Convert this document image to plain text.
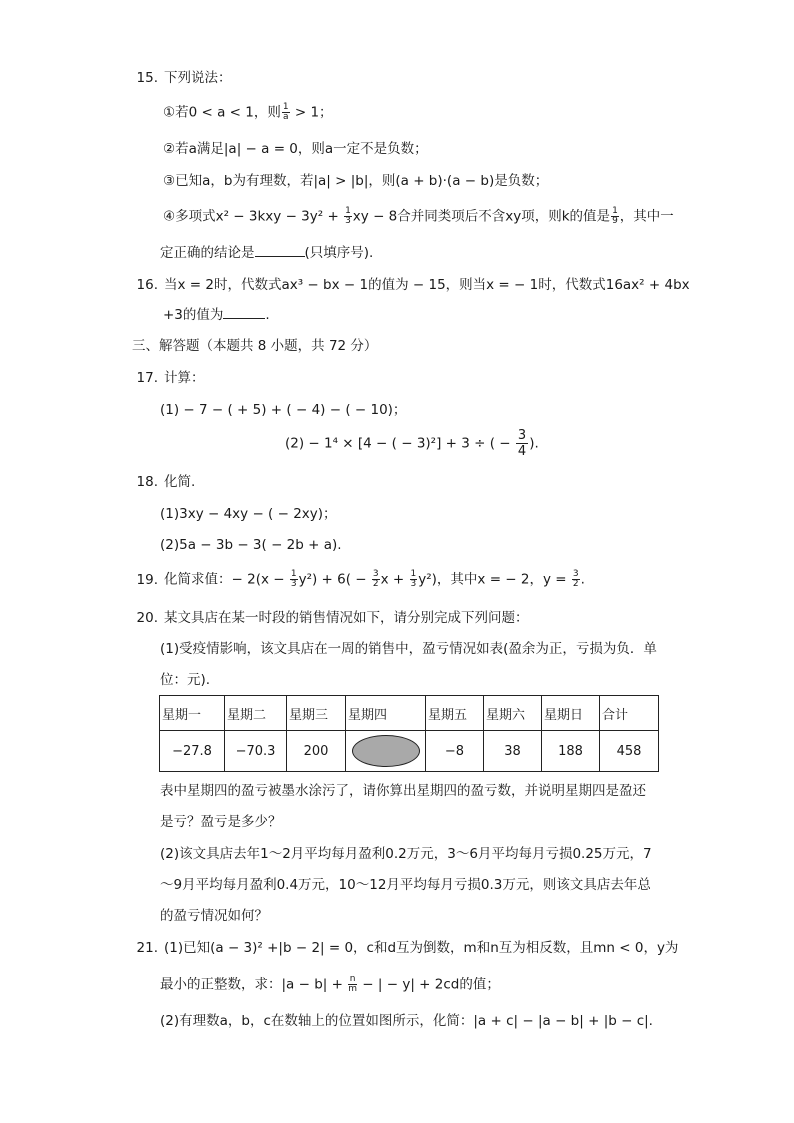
15. 下列说法：
①若0 < a < 1，则 $\frac{1}{a} > 1$；
②若a满足|a| − a = 0，则a一定不是负数；
③已知a，b为有理数，若|a| > |b|，则(a + b)·(a − b)是负数；
④多项式$x^2 - 3kxy - 3y^2 + \frac{1}{3}$ xy − 8合并同类项后不含xy项，则k的值是 $\frac{1}{9}$ ，其中一
定正确的结论是	(只填序号).
16. 当x = 2时，代数式ax³ − bx − 1的值为 − 15，则当x = − 1时，代数式16ax² + 4bx
+3的值为	.
三、解答题（本题共 8 小题，共 72 分）
17. 计算：
(1) − 7 − ( + 5) + ( − 4) − ( − 10)；
(2) − 1⁴ × [4 − ( − 3)²] + 3 ÷ ( − $\frac{3}{4}$ ).
18. 化简.
(1)3xy − 4xy − ( − 2xy)；
(2)5a − 3b − 3( − 2b + a).
19. 化简求值：− $2(x - \frac{1}{3} y^2) + 6( - \frac{3}{2}$ $x + \frac{1}{3} y^2$)，其中x = − 2，$y = \frac{3}{2}$ .
20. 某文具店在某一时段的销售情况如下，请分别完成下列问题：
(1)受疫情影响，该文具店在一周的销售中，盈亏情况如表(盈余为正，亏损为负．单
位：元).
星期一	星期二	星期三	星期四	星期五	星期六	星期日	合计
−27.8	−70.3	200		−8	38	188	458
表中星期四的盈亏被墨水涂污了，请你算出星期四的盈亏数，并说明星期四是盈还
是亏？盈亏是多少？
(2)该文具店去年1～2月平均每月盈利0.2万元，3～6月平均每月亏损0.25万元，7
～9月平均每月盈利0.4万元，10～12月平均每月亏损0.3万元，则该文具店去年总
的盈亏情况如何？
21. (1)已知(a − 3)² +|b − 2| = 0，c和d互为倒数，m和n互为相反数，且mn < 0，y为
最小的正整数，求：$|a - b| + \frac{n}{m}$ − | − y| + 2cd的值；
(2)有理数a，b，c在数轴上的位置如图所示，化简：|a + c| − |a − b| + |b − c|.
